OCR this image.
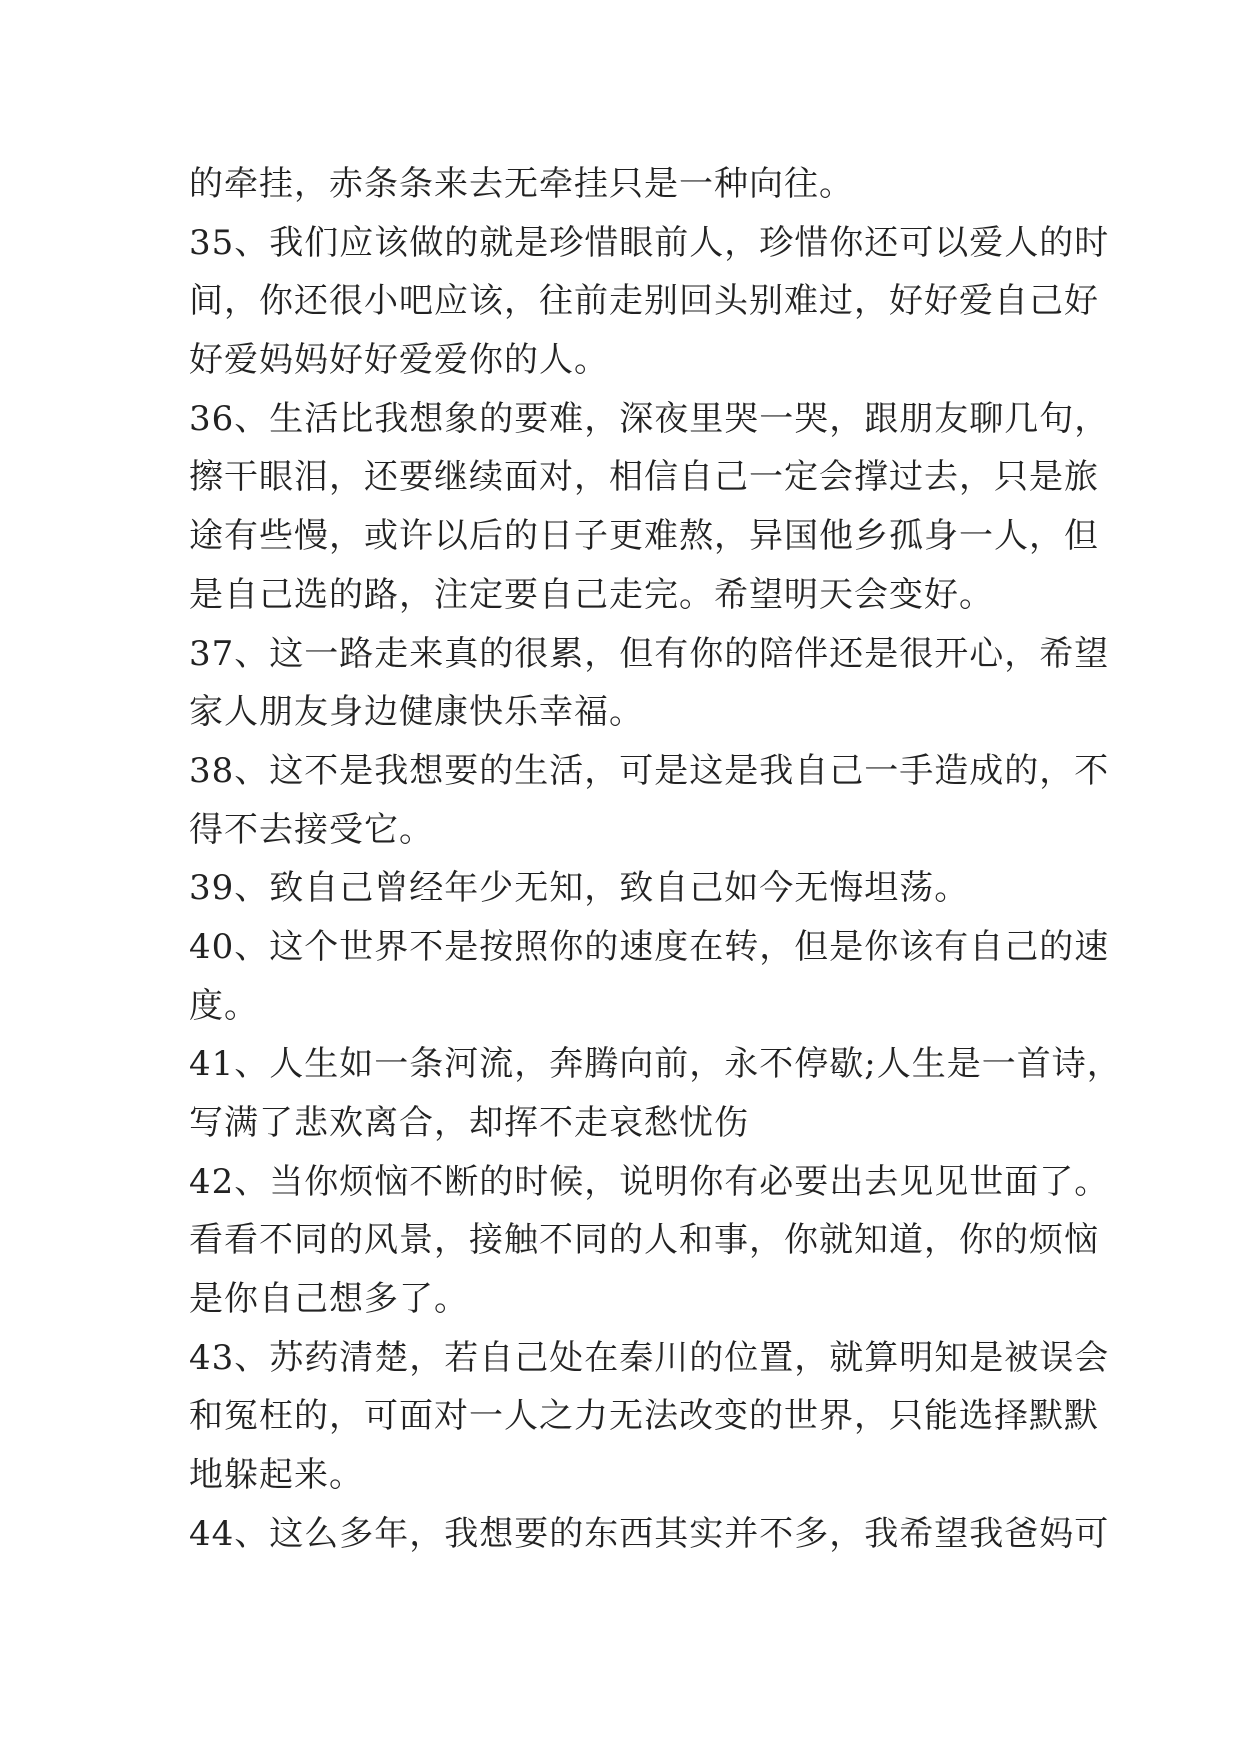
的牵挂，赤条条来去无牵挂只是一种向往。
35、我们应该做的就是珍惜眼前人，珍惜你还可以爱人的时
间，你还很小吧应该，往前走别回头别难过，好好爱自己好
好爱妈妈好好爱爱你的人。
36、生活比我想象的要难，深夜里哭一哭，跟朋友聊几句，
擦干眼泪，还要继续面对，相信自己一定会撑过去，只是旅
途有些慢，或许以后的日子更难熬，异国他乡孤身一人，但
是自己选的路，注定要自己走完。希望明天会变好。
37、这一路走来真的很累，但有你的陪伴还是很开心，希望
家人朋友身边健康快乐幸福。
38、这不是我想要的生活，可是这是我自己一手造成的，不
得不去接受它。
39、致自己曾经年少无知，致自己如今无悔坦荡。
40、这个世界不是按照你的速度在转，但是你该有自己的速
度。
41、人生如一条河流，奔腾向前，永不停歇;人生是一首诗，
写满了悲欢离合，却挥不走哀愁忧伤
42、当你烦恼不断的时候，说明你有必要出去见见世面了。
看看不同的风景，接触不同的人和事，你就知道，你的烦恼
是你自己想多了。
43、苏药清楚，若自己处在秦川的位置，就算明知是被误会
和冤枉的，可面对一人之力无法改变的世界，只能选择默默
地躲起来。
44、这么多年，我想要的东西其实并不多，我希望我爸妈可
